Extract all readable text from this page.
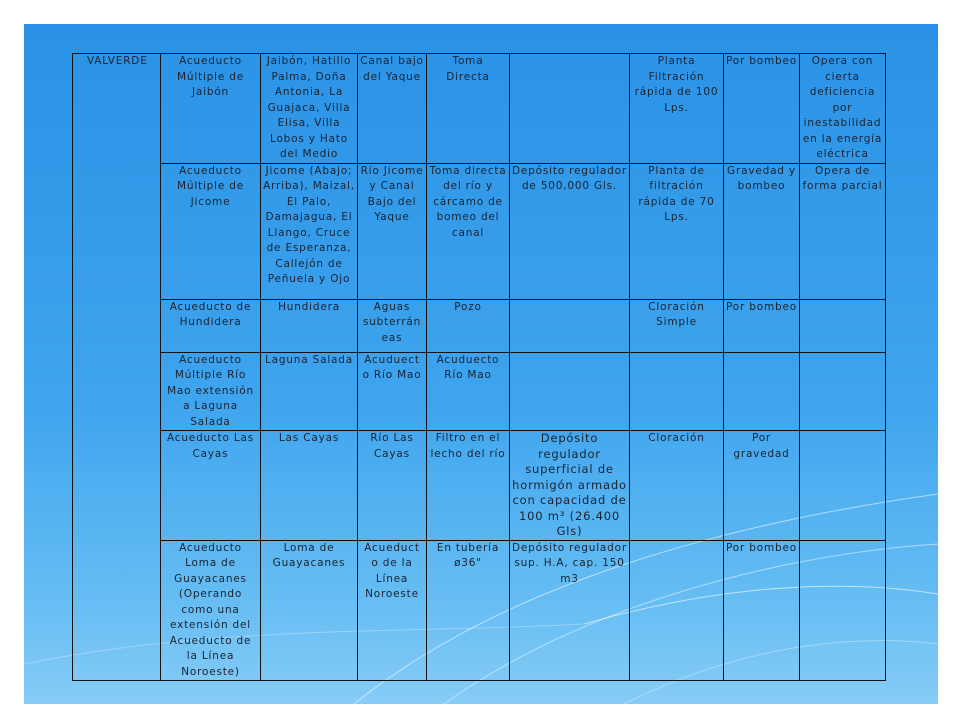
VALVERDE	Acueducto Múltiple de Jaibón	Jaibón, Hatillo Palma, Doña Antonia, La Guajaca, Villa Elisa, Villa Lobos y Hato del Medio	Canal bajo del Yaque	Toma Directa		Planta Filtración rápida de 100 Lps.	Por bombeo	Opera con cierta deficiencia por inestabilidad en la energía eléctrica
	Acueducto Múltiple de Jicome	Jicome (Abajo; Arriba), Maizal, El Palo, Damajagua, El Llango, Cruce de Esperanza, Callejón de Peñuela y Ojo	Río Jicome y Canal Bajo del Yaque	Toma directa del río y cárcamo de bomeo del canal	Depósito regulador de 500,000 Gls.	Planta de filtración rápida de 70 Lps.	Gravedad y bombeo	Opera de forma parcial
	Acueducto de Hundidera	Hundidera	Aguas subterrán eas	Pozo		Cloración Simple	Por bombeo	
	Acueducto Múltiple Río Mao extensión a Laguna Salada	Laguna Salada	Acuduect o Río Mao	Acuduecto Río Mao				
	Acueducto Las Cayas	Las Cayas	Río Las Cayas	Filtro en el lecho del río	Depósito regulador superficial de hormigón armado con capacidad de 100 m³ (26.400 Gls)	Cloración	Por gravedad	
	Acueducto Loma de Guayacanes (Operando como una extensión del Acueducto de la Línea Noroeste)	Loma de Guayacanes	Acueduct o de la Línea Noroeste	En tubería ø36"	Depósito regulador sup. H.A, cap. 150 m3		Por bombeo	
